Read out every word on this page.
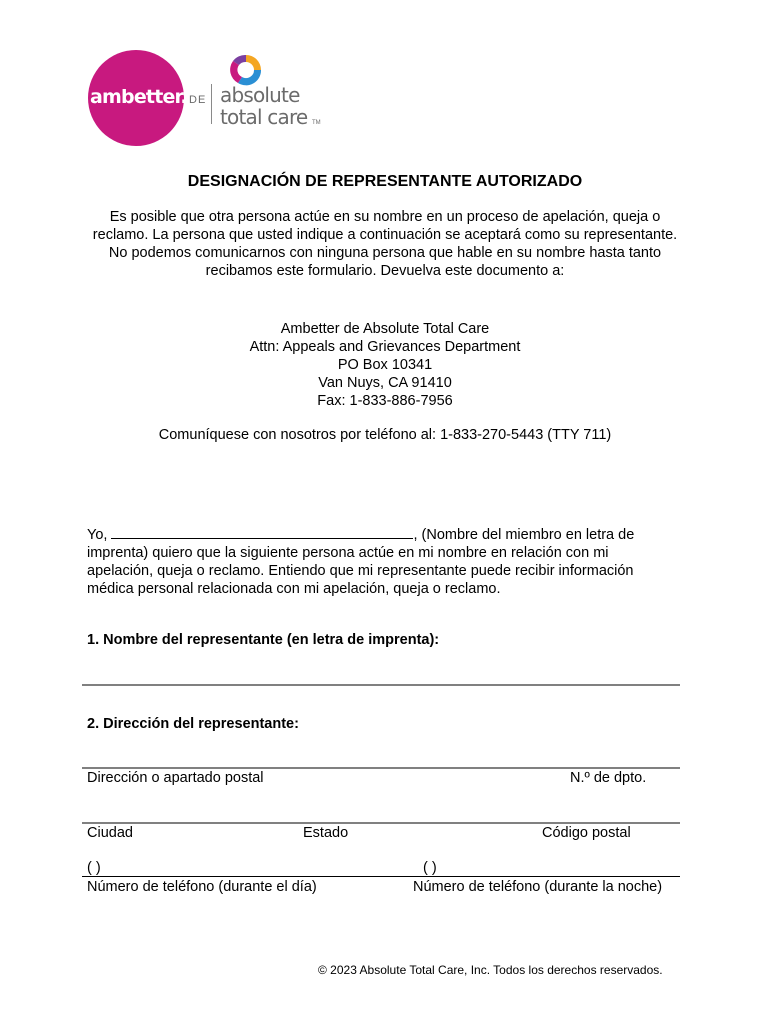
ambetter. DE absolute
total care TM
DESIGNACIÓN DE REPRESENTANTE AUTORIZADO
Es posible que otra persona actúe en su nombre en un proceso de apelación, queja o reclamo. La persona que usted indique a continuación se aceptará como su representante. No podemos comunicarnos con ninguna persona que hable en su nombre hasta tanto recibamos este formulario. Devuelva este documento a:
Ambetter de Absolute Total Care
Attn: Appeals and Grievances Department
PO Box 10341
Van Nuys, CA 91410
Fax: 1-833-886-7956
Comuníquese con nosotros por teléfono al: 1-833-270-5443 (TTY 711)
Yo,	, (Nombre del miembro en letra de imprenta) quiero que la siguiente persona actúe en mi nombre en relación con mi apelación, queja o reclamo. Entiendo que mi representante puede recibir información médica personal relacionada con mi apelación, queja o reclamo.
1. Nombre del representante (en letra de imprenta):
2. Dirección del representante:
Dirección o apartado postal	N.º de dpto.
Ciudad	Estado	Código postal
( )	( )
Número de teléfono (durante el día)	Número de teléfono (durante la noche)
© 2023 Absolute Total Care, Inc. Todos los derechos reservados.
